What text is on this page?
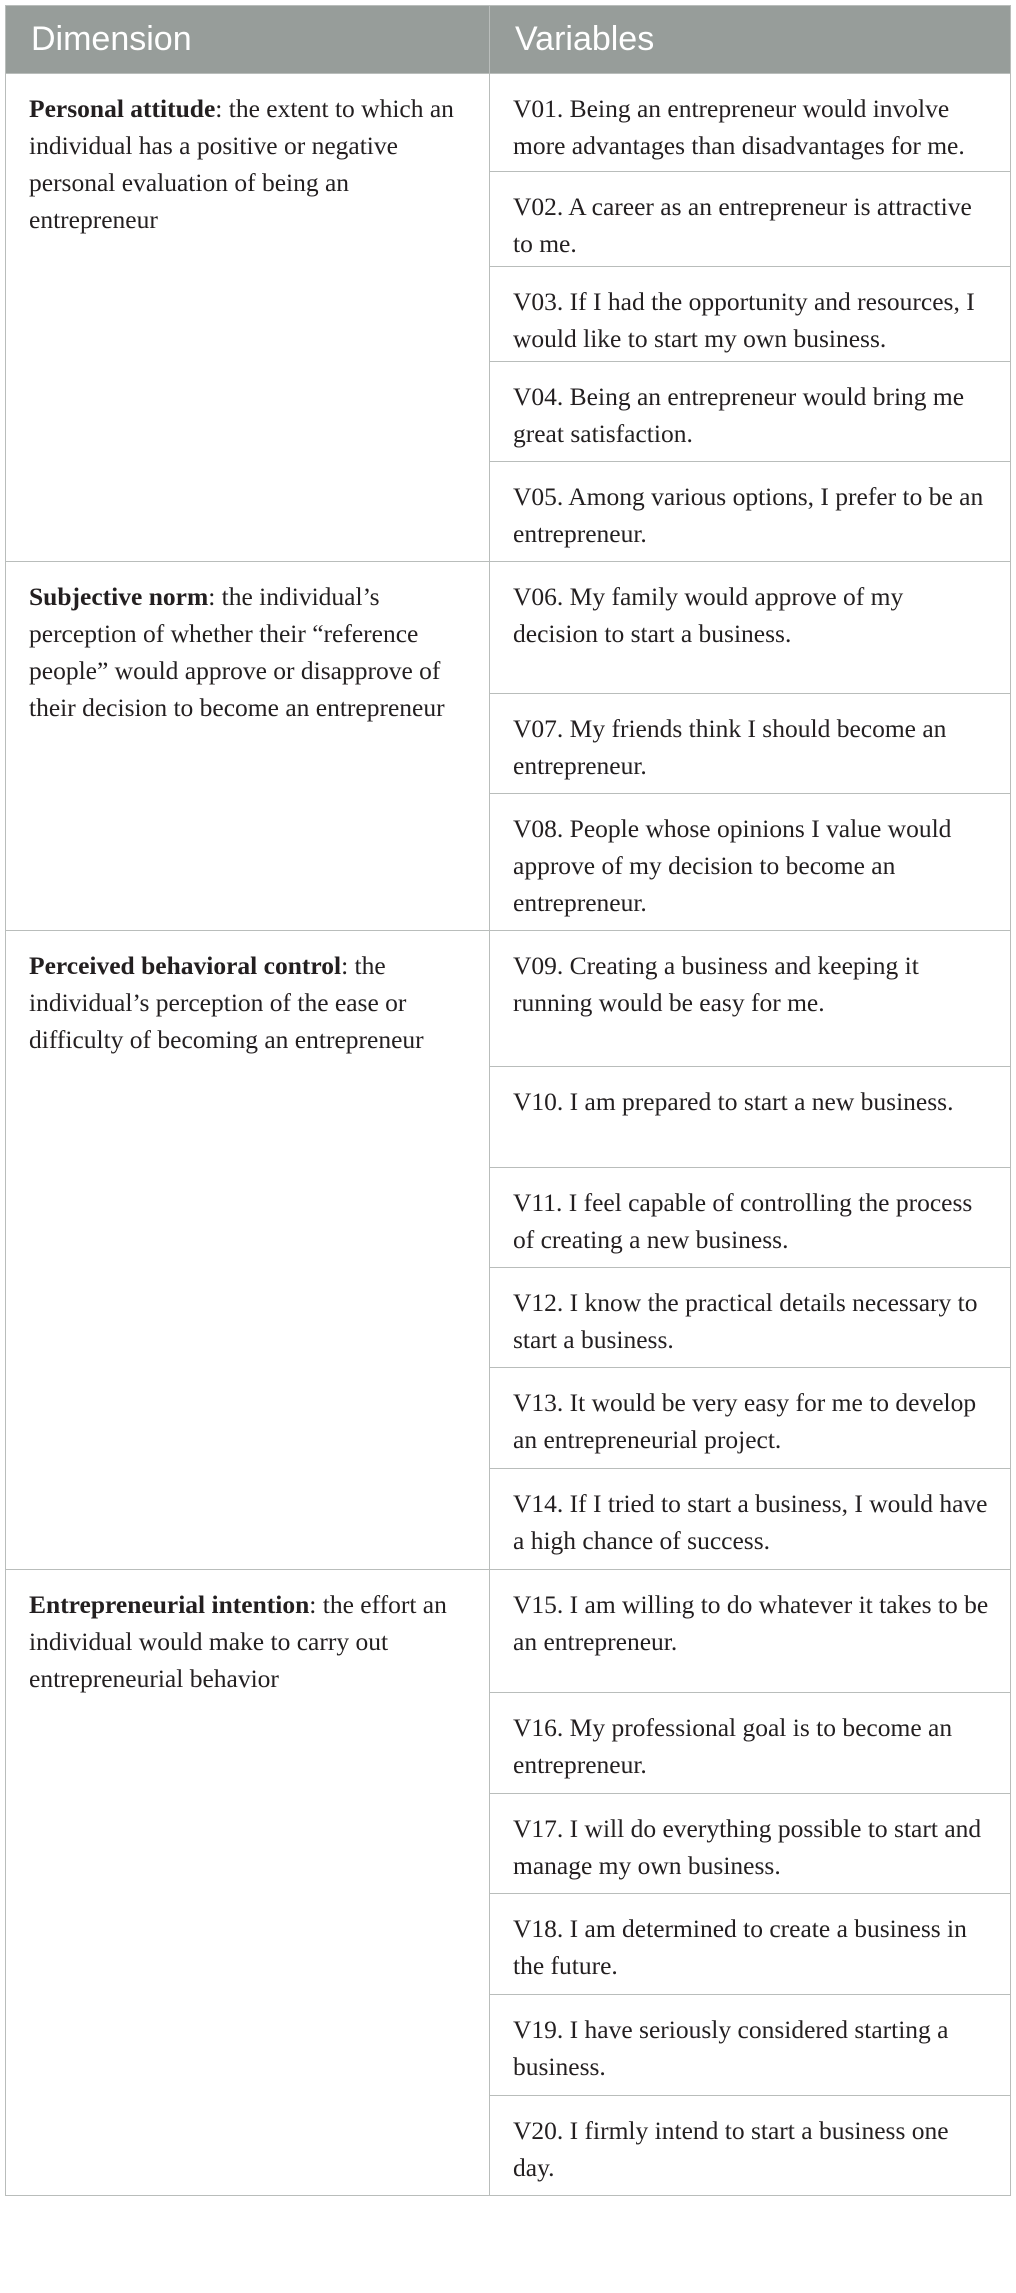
Dimension	Variables
Personal attitude: the extent to which an individual has a positive or negative personal evaluation of being an entrepreneur	V01. Being an entrepreneur would involve more advantages than disadvantages for me.
	V02. A career as an entrepreneur is attractive to me.
	V03. If I had the opportunity and resources, I would like to start my own business.
	V04. Being an entrepreneur would bring me great satisfaction.
	V05. Among various options, I prefer to be an entrepreneur.
Subjective norm: the individual’s perception of whether their “reference people” would approve or disapprove of their decision to become an entrepreneur	V06. My family would approve of my decision to start a business.
	V07. My friends think I should become an entrepreneur.
	V08. People whose opinions I value would approve of my decision to become an entrepreneur.
Perceived behavioral control: the individual’s perception of the ease or difficulty of becoming an entrepreneur	V09. Creating a business and keeping it running would be easy for me.
	V10. I am prepared to start a new business.
	V11. I feel capable of controlling the process of creating a new business.
	V12. I know the practical details necessary to start a business.
	V13. It would be very easy for me to develop an entrepreneurial project.
	V14. If I tried to start a business, I would have a high chance of success.
Entrepreneurial intention: the effort an individual would make to carry out entrepreneurial behavior	V15. I am willing to do whatever it takes to be an entrepreneur.
	V16. My professional goal is to become an entrepreneur.
	V17. I will do everything possible to start and manage my own business.
	V18. I am determined to create a business in the future.
	V19. I have seriously considered starting a business.
	V20. I firmly intend to start a business one day.
